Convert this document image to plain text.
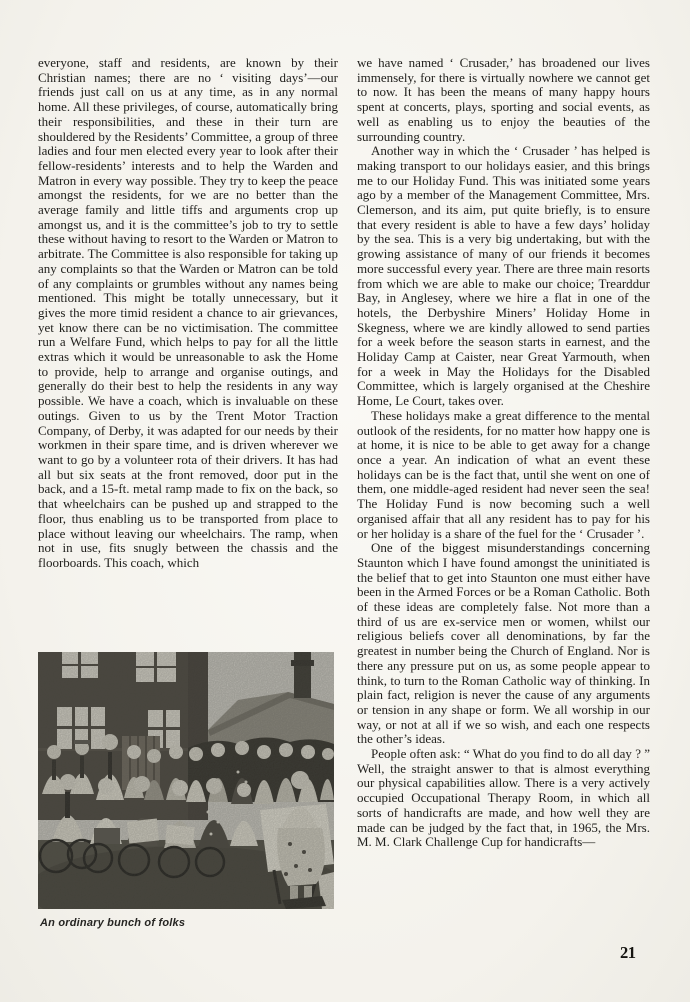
everyone, staff and residents, are known by their Christian names; there are no ‘ visiting days’—our friends just call on us at any time, as in any normal home. All these privileges, of course, automatically bring their responsibilities, and these in their turn are shouldered by the Residents’ Committee, a group of three ladies and four men elected every year to look after their fellow-residents’ interests and to help the Warden and Matron in every way possible. They try to keep the peace amongst the residents, for we are no better than the average family and little tiffs and arguments crop up amongst us, and it is the committee’s job to try to settle these without having to resort to the Warden or Matron to arbitrate. The Committee is also responsible for taking up any complaints so that the Warden or Matron can be told of any complaints or grumbles without any names being mentioned. This might be totally unnecessary, but it gives the more timid resident a chance to air grievances, yet know there can be no victimisation. The committee run a Welfare Fund, which helps to pay for all the little extras which it would be unreasonable to ask the Home to provide, help to arrange and organise outings, and generally do their best to help the residents in any way possible. We have a coach, which is invaluable on these outings. Given to us by the Trent Motor Traction Company, of Derby, it was adapted for our needs by their workmen in their spare time, and is driven wherever we want to go by a volunteer rota of their drivers. It has had all but six seats at the front removed, door put in the back, and a 15-ft. metal ramp made to fix on the back, so that wheelchairs can be pushed up and strapped to the floor, thus enabling us to be transported from place to place without leaving our wheelchairs. The ramp, when not in use, fits snugly between the chassis and the floorboards. This coach, which

we have named ‘ Crusader,’ has broadened our lives immensely, for there is virtually nowhere we cannot get to now. It has been the means of many happy hours spent at concerts, plays, sporting and social events, as well as enabling us to enjoy the beauties of the surrounding country.

Another way in which the ‘ Crusader ’ has helped is making transport to our holidays easier, and this brings me to our Holiday Fund. This was initiated some years ago by a member of the Management Committee, Mrs. Clemerson, and its aim, put quite briefly, is to ensure that every resident is able to have a few days’ holiday by the sea. This is a very big undertaking, but with the growing assistance of many of our friends it becomes more successful every year. There are three main resorts from which we are able to make our choice; Trearddur Bay, in Anglesey, where we hire a flat in one of the hotels, the Derbyshire Miners’ Holiday Home in Skegness, where we are kindly allowed to send parties for a week before the season starts in earnest, and the Holiday Camp at Caister, near Great Yarmouth, when for a week in May the Holidays for the Disabled Committee, which is largely organised at the Cheshire Home, Le Court, takes over.

These holidays make a great difference to the mental outlook of the residents, for no matter how happy one is at home, it is nice to be able to get away for a change once a year. An indication of what an event these holidays can be is the fact that, until she went on one of them, one middle-aged resident had never seen the sea! The Holiday Fund is now becoming such a well organised affair that all any resident has to pay for his or her holiday is a share of the fuel for the ‘ Crusader ’.

One of the biggest misunderstandings concerning Staunton which I have found amongst the uninitiated is the belief that to get into Staunton one must either have been in the Armed Forces or be a Roman Catholic. Both of these ideas are completely false. Not more than a third of us are ex-service men or women, whilst our religious beliefs cover all denominations, by far the greatest in number being the Church of England. Nor is there any pressure put on us, as some people appear to think, to turn to the Roman Catholic way of thinking. In plain fact, religion is never the cause of any arguments or tension in any shape or form. We all worship in our way, or not at all if we so wish, and each one respects the other’s ideas.

People often ask: “ What do you find to do all day ? ” Well, the straight answer to that is almost everything our physical capabilities allow. There is a very actively occupied Occupational Therapy Room, in which all sorts of handicrafts are made, and how well they are made can be judged by the fact that, in 1965, the Mrs. M. M. Clark Challenge Cup for handicrafts—

An ordinary bunch of folks
21
